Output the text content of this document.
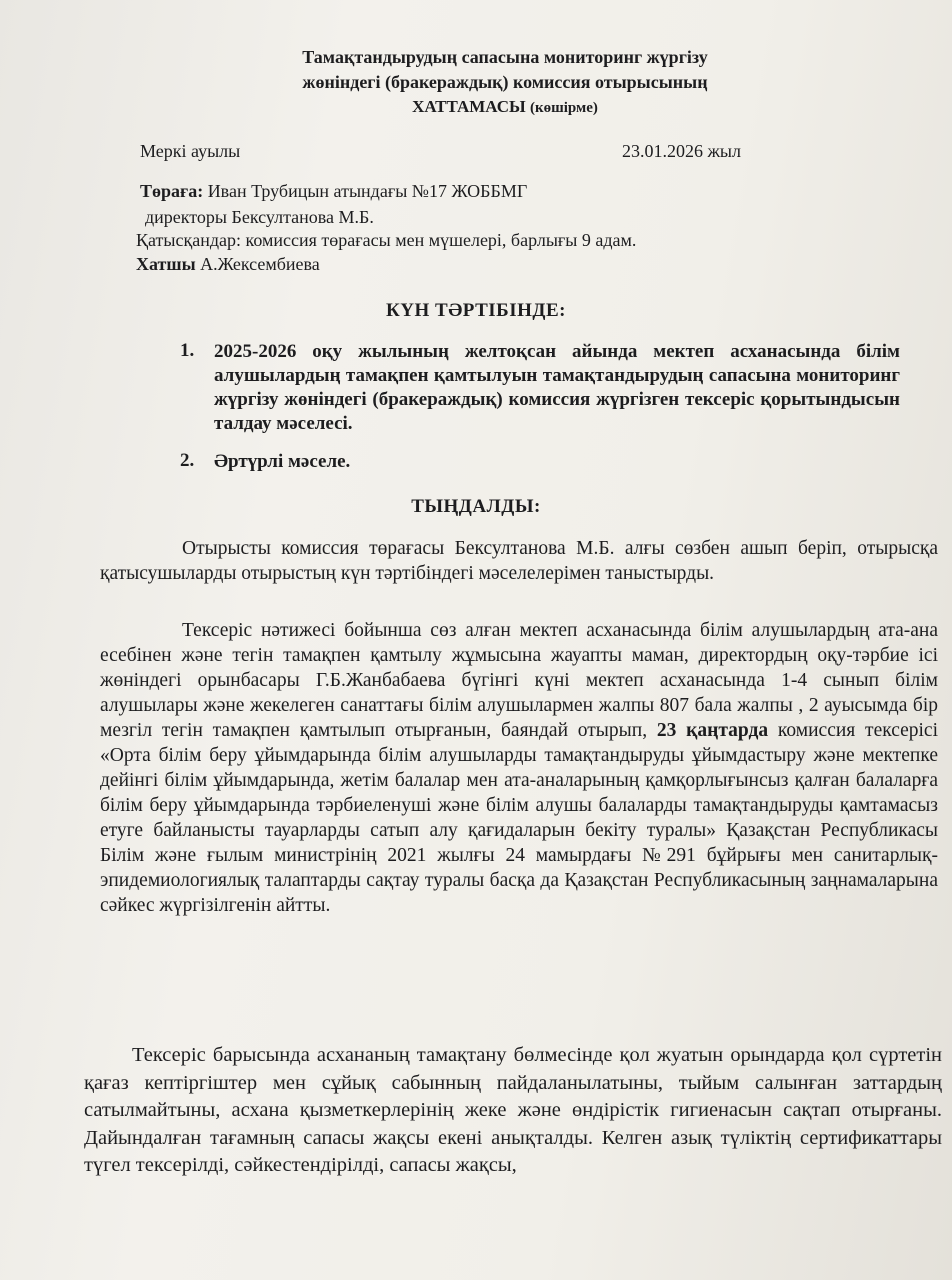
Тамақтандырудың сапасына мониторинг жүргізу
жөніндегі (бракераждық) комиссия отырысының
ХАТТАМАСЫ (көшірме)
Меркі ауылы	23.01.2026 жыл
Төраға: Иван Трубицын атындағы №17 ЖОББМГ
директоры Бексултанова М.Б.
Қатысқандар: комиссия төрағасы мен мүшелері, барлығы 9 адам.
Хатшы А.Жексембиева
КҮН ТӘРТІБІНДЕ:
1. 2025-2026 оқу жылының желтоқсан айында мектеп асханасында білім алушылардың тамақпен қамтылуын тамақтандырудың сапасына мониторинг жүргізу жөніндегі (бракераждық) комиссия жүргізген тексеріс қорытындысын талдау мәселесі.
2. Әртүрлі мәселе.
ТЫҢДАЛДЫ:
Отырысты комиссия төрағасы Бексултанова М.Б. алғы сөзбен ашып беріп, отырысқа қатысушыларды отырыстың күн тәртібіндегі мәселелерімен таныстырды.
Тексеріс нәтижесі бойынша сөз алған мектеп асханасында білім алушылардың ата-ана есебінен және тегін тамақпен қамтылу жұмысына жауапты маман, директордың оқу-тәрбие ісі жөніндегі орынбасары Г.Б.Жанбабаева бүгінгі күні мектеп асханасында 1-4 сынып білім алушылары және жекелеген санаттағы білім алушылармен жалпы 807 бала жалпы , 2 ауысымда бір мезгіл тегін тамақпен қамтылып отырғанын, баяндай отырып, 23 қаңтарда комиссия тексерісі «Орта білім беру ұйымдарында білім алушыларды тамақтандыруды ұйымдастыру және мектепке дейінгі білім ұйымдарында, жетім балалар мен ата-аналарының қамқорлығынсыз қалған балаларға білім беру ұйымдарында тәрбиеленуші және білім алушы балаларды тамақтандыруды қамтамасыз етуге байланысты тауарларды сатып алу қағидаларын бекіту туралы» Қазақстан Республикасы Білім және ғылым министрінің 2021 жылғы 24 мамырдағы №291 бұйрығы мен санитарлық-эпидемиологиялық талаптарды сақтау туралы басқа да Қазақстан Республикасының заңнамаларына сәйкес жүргізілгенін айтты.
Тексеріс барысында асхананың тамақтану бөлмесінде қол жуатын орындарда қол сүртетін қағаз кептіргіштер мен сұйық сабынның пайдаланылатыны, тыйым салынған заттардың сатылмайтыны, асхана қызметкерлерінің жеке және өндірістік гигиенасын сақтап отырғаны. Дайындалған тағамның сапасы жақсы екені анықталды. Келген азық түліктің сертификаттары түгел тексерілді, сәйкестендірілді, сапасы жақсы,
